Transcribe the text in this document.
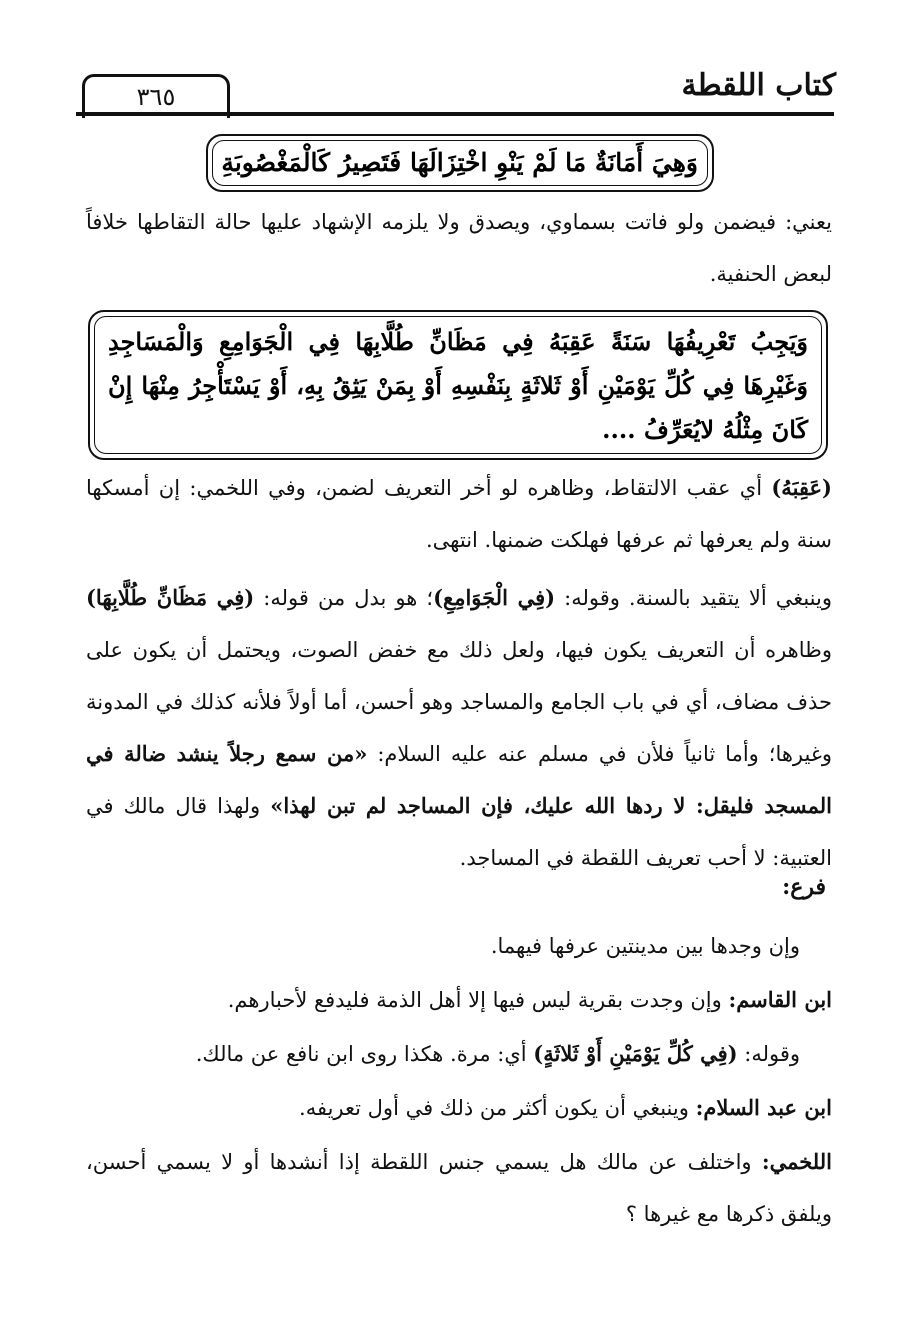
كتاب اللقطة
٣٦٥
وَهِيَ أَمَانَةٌ مَا لَمْ يَنْوِ اخْتِزَالَهَا فَتَصِيرُ كَالْمَغْصُوبَةِ
يعني: فيضمن ولو فاتت بسماوي، ويصدق ولا يلزمه الإشهاد عليها حالة التقاطها خلافاً لبعض الحنفية.
وَيَجِبُ تَعْرِيفُهَا سَنَةً عَقِبَهُ فِي مَظَانِّ طُلَّابِهَا فِي الْجَوَامِعِ وَالْمَسَاجِدِ وَغَيْرِهَا فِي كُلِّ يَوْمَيْنِ أَوْ ثَلاثَةٍ بِنَفْسِهِ أَوْ بِمَنْ يَثِقُ بِهِ، أَوْ يَسْتَأْجِرُ مِنْهَا إِنْ كَانَ مِثْلُهُ لايُعَرِّفُ ....
(عَقِبَهُ) أي عقب الالتقاط، وظاهره لو أخر التعريف لضمن، وفي اللخمي: إن أمسكها سنة ولم يعرفها ثم عرفها فهلكت ضمنها. انتهى.
وينبغي ألا يتقيد بالسنة. وقوله: (فِي الْجَوَامِعِ)؛ هو بدل من قوله: (فِي مَظَانِّ طُلَّابِهَا) وظاهره أن التعريف يكون فيها، ولعل ذلك مع خفض الصوت، ويحتمل أن يكون على حذف مضاف، أي في باب الجامع والمساجد وهو أحسن، أما أولاً فلأنه كذلك في المدونة وغيرها؛ وأما ثانياً فلأن في مسلم عنه عليه السلام: «من سمع رجلاً ينشد ضالة في المسجد فليقل: لا ردها الله عليك، فإن المساجد لم تبن لهذا» ولهذا قال مالك في العتبية: لا أحب تعريف اللقطة في المساجد.
فرع:
وإن وجدها بين مدينتين عرفها فيهما.
ابن القاسم: وإن وجدت بقرية ليس فيها إلا أهل الذمة فليدفع لأحبارهم.
وقوله: (فِي كُلِّ يَوْمَيْنِ أَوْ ثَلاثَةٍ) أي: مرة. هكذا روى ابن نافع عن مالك.
ابن عبد السلام: وينبغي أن يكون أكثر من ذلك في أول تعريفه.
اللخمي: واختلف عن مالك هل يسمي جنس اللقطة إذا أنشدها أو لا يسمي أحسن، ويلفق ذكرها مع غيرها ؟
